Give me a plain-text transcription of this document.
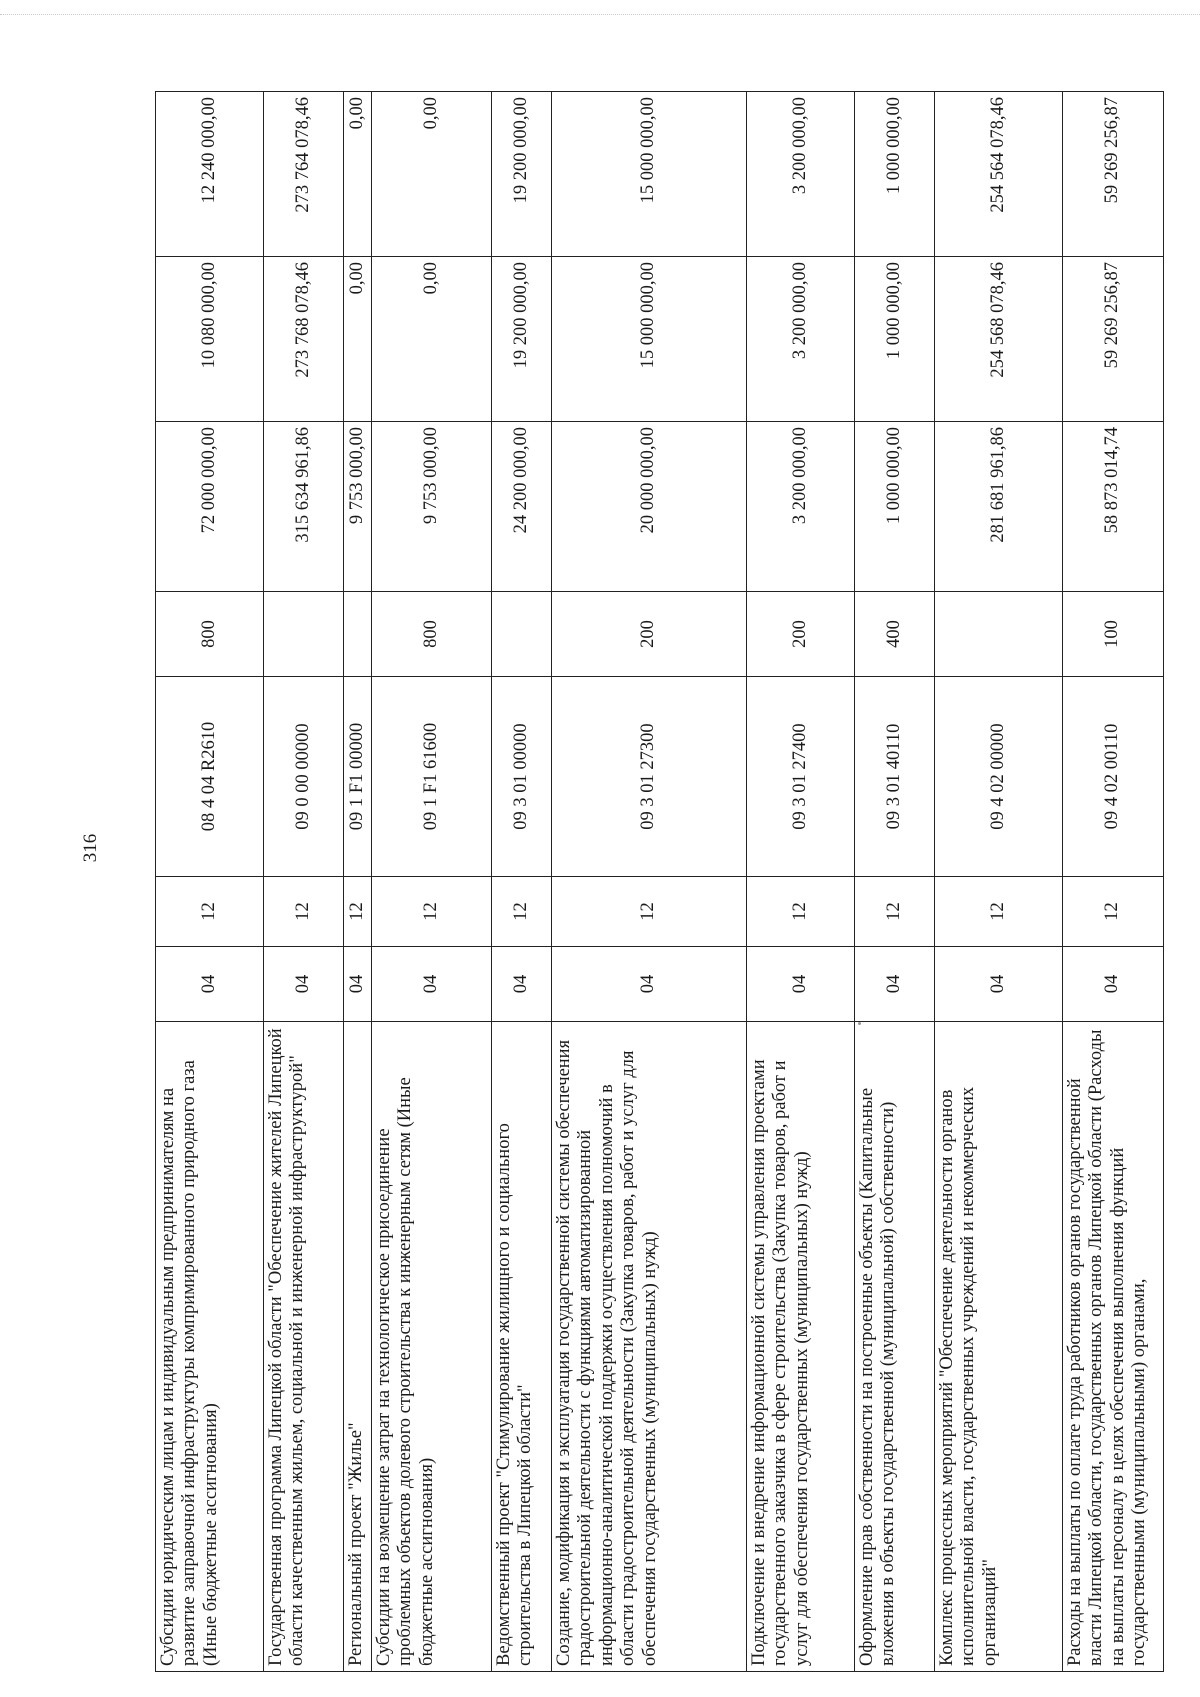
316
Субсидии юридическим лицам и индивидуальным предпринимателям на развитие заправочной инфраструктуры компримированного природного газа (Иные бюджетные ассигнования)	04	12	08 4 04 R2610	800	72 000 000,00	10 080 000,00	12 240 000,00
Государственная программа Липецкой области "Обеспечение жителей Липецкой области качественным жильем, социальной и инженерной инфраструктурой"	04	12	09 0 00 00000		315 634 961,86	273 768 078,46	273 764 078,46
Региональный проект "Жилье"	04	12	09 1 F1 00000		9 753 000,00	0,00	0,00
Субсидии на возмещение затрат на технологическое присоединение проблемных объектов долевого строительства к инженерным сетям (Иные бюджетные ассигнования)	04	12	09 1 F1 61600	800	9 753 000,00	0,00	0,00
Ведомственный проект "Стимулирование жилищного и социального строительства в Липецкой области"	04	12	09 3 01 00000		24 200 000,00	19 200 000,00	19 200 000,00
Создание, модификация и эксплуатация государственной системы обеспечения градостроительной деятельности с функциями автоматизированной информационно-аналитической поддержки осуществления полномочий в области градостроительной деятельности (Закупка товаров, работ и услуг для обеспечения государственных (муниципальных) нужд)	04	12	09 3 01 27300	200	20 000 000,00	15 000 000,00	15 000 000,00
Подключение и внедрение информационной системы управления проектами государственного заказчика в сфере строительства (Закупка товаров, работ и услуг для обеспечения государственных (муниципальных) нужд)	04	12	09 3 01 27400	200	3 200 000,00	3 200 000,00	3 200 000,00
Оформление прав собственности на построенные объекты (Капитальные вложения в объекты государственной (муниципальной) собственности)	04	12	09 3 01 40110	400	1 000 000,00	1 000 000,00	1 000 000,00
Комплекс процессных мероприятий "Обеспечение деятельности органов исполнительной власти, государственных учреждений и некоммерческих организаций"	04	12	09 4 02 00000		281 681 961,86	254 568 078,46	254 564 078,46
Расходы на выплаты по оплате труда работников органов государственной власти Липецкой области, государственных органов Липецкой области (Расходы на выплаты персоналу в целях обеспечения выполнения функций государственными (муниципальными) органами,	04	12	09 4 02 00110	100	58 873 014,74	59 269 256,87	59 269 256,87
